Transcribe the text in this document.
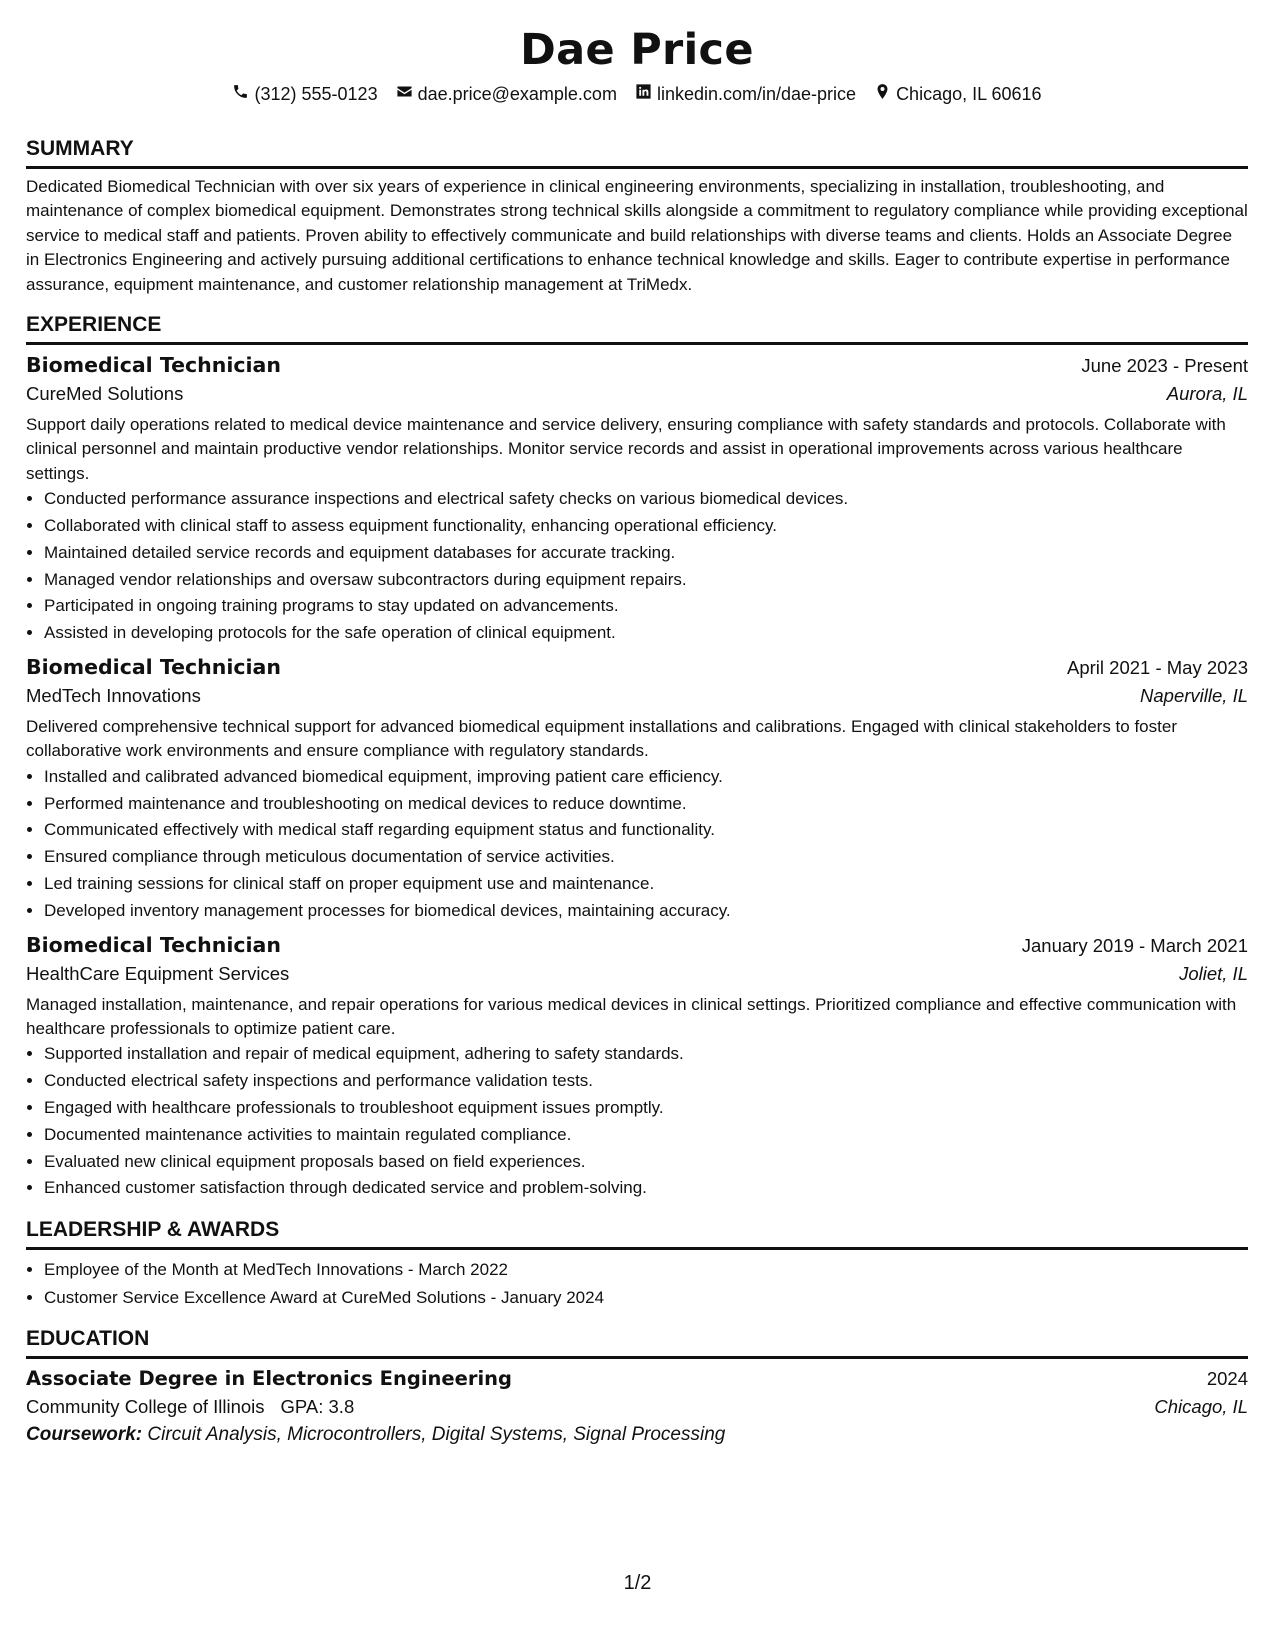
Dae Price
(312) 555-0123 dae.price@example.com linkedin.com/in/dae-price Chicago, IL 60616
SUMMARY
Dedicated Biomedical Technician with over six years of experience in clinical engineering environments, specializing in installation, troubleshooting, and maintenance of complex biomedical equipment. Demonstrates strong technical skills alongside a commitment to regulatory compliance while providing exceptional service to medical staff and patients. Proven ability to effectively communicate and build relationships with diverse teams and clients. Holds an Associate Degree in Electronics Engineering and actively pursuing additional certifications to enhance technical knowledge and skills. Eager to contribute expertise in performance assurance, equipment maintenance, and customer relationship management at TriMedx.
EXPERIENCE
Biomedical Technician	June 2023 - Present
CureMed Solutions	Aurora, IL
Support daily operations related to medical device maintenance and service delivery, ensuring compliance with safety standards and protocols. Collaborate with clinical personnel and maintain productive vendor relationships. Monitor service records and assist in operational improvements across various healthcare settings.
• Conducted performance assurance inspections and electrical safety checks on various biomedical devices.
• Collaborated with clinical staff to assess equipment functionality, enhancing operational efficiency.
• Maintained detailed service records and equipment databases for accurate tracking.
• Managed vendor relationships and oversaw subcontractors during equipment repairs.
• Participated in ongoing training programs to stay updated on advancements.
• Assisted in developing protocols for the safe operation of clinical equipment.
Biomedical Technician	April 2021 - May 2023
MedTech Innovations	Naperville, IL
Delivered comprehensive technical support for advanced biomedical equipment installations and calibrations. Engaged with clinical stakeholders to foster collaborative work environments and ensure compliance with regulatory standards.
• Installed and calibrated advanced biomedical equipment, improving patient care efficiency.
• Performed maintenance and troubleshooting on medical devices to reduce downtime.
• Communicated effectively with medical staff regarding equipment status and functionality.
• Ensured compliance through meticulous documentation of service activities.
• Led training sessions for clinical staff on proper equipment use and maintenance.
• Developed inventory management processes for biomedical devices, maintaining accuracy.
Biomedical Technician	January 2019 - March 2021
HealthCare Equipment Services	Joliet, IL
Managed installation, maintenance, and repair operations for various medical devices in clinical settings. Prioritized compliance and effective communication with healthcare professionals to optimize patient care.
• Supported installation and repair of medical equipment, adhering to safety standards.
• Conducted electrical safety inspections and performance validation tests.
• Engaged with healthcare professionals to troubleshoot equipment issues promptly.
• Documented maintenance activities to maintain regulated compliance.
• Evaluated new clinical equipment proposals based on field experiences.
• Enhanced customer satisfaction through dedicated service and problem-solving.
LEADERSHIP & AWARDS
• Employee of the Month at MedTech Innovations - March 2022
• Customer Service Excellence Award at CureMed Solutions - January 2024
EDUCATION
Associate Degree in Electronics Engineering	2024
Community College of Illinois GPA: 3.8	Chicago, IL
Coursework: Circuit Analysis, Microcontrollers, Digital Systems, Signal Processing
1/2
